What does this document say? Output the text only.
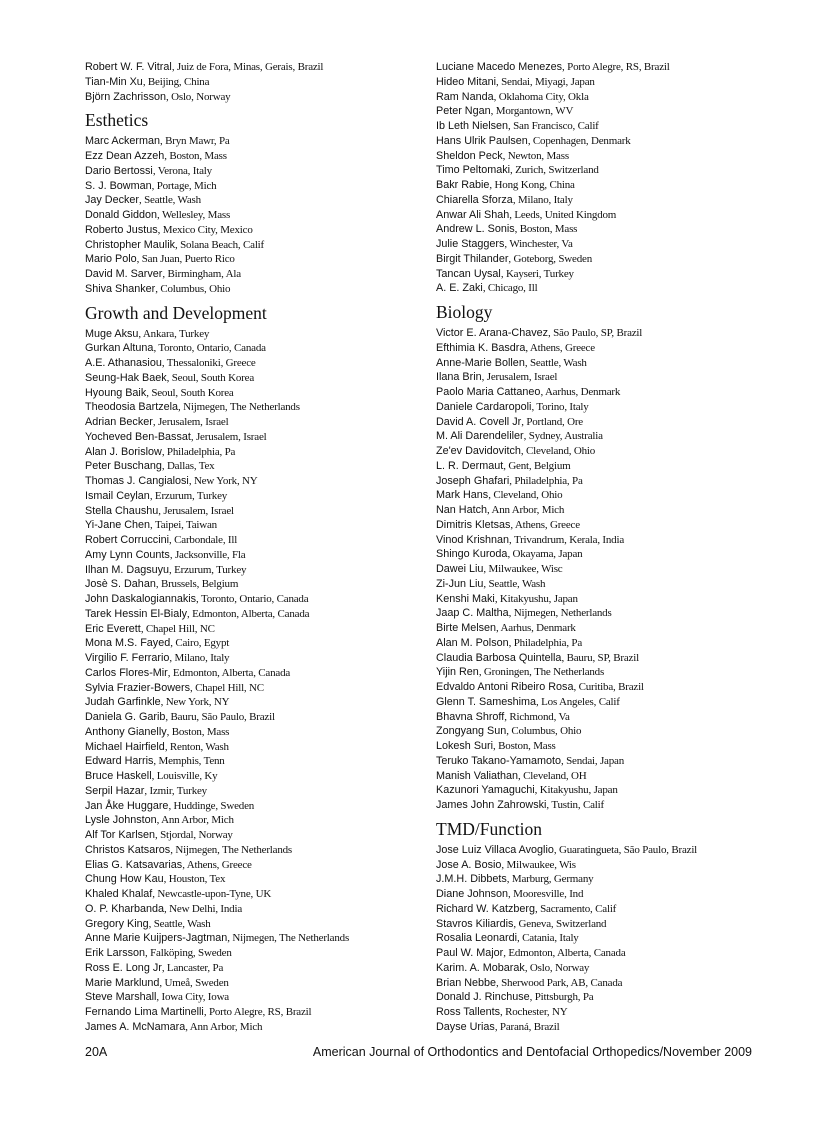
Robert W. F. Vitral, Juiz de Fora, Minas, Gerais, Brazil
Tian-Min Xu, Beijing, China
Björn Zachrisson, Oslo, Norway
Esthetics
Marc Ackerman, Bryn Mawr, Pa
Ezz Dean Azzeh, Boston, Mass
Dario Bertossi, Verona, Italy
S. J. Bowman, Portage, Mich
Jay Decker, Seattle, Wash
Donald Giddon, Wellesley, Mass
Roberto Justus, Mexico City, Mexico
Christopher Maulik, Solana Beach, Calif
Mario Polo, San Juan, Puerto Rico
David M. Sarver, Birmingham, Ala
Shiva Shanker, Columbus, Ohio
Growth and Development
Muge Aksu, Ankara, Turkey
Gurkan Altuna, Toronto, Ontario, Canada
A.E. Athanasiou, Thessaloniki, Greece
Seung-Hak Baek, Seoul, South Korea
Hyoung Baik, Seoul, South Korea
Theodosia Bartzela, Nijmegen, The Netherlands
Adrian Becker, Jerusalem, Israel
Yocheved Ben-Bassat, Jerusalem, Israel
Alan J. Borislow, Philadelphia, Pa
Peter Buschang, Dallas, Tex
Thomas J. Cangialosi, New York, NY
Ismail Ceylan, Erzurum, Turkey
Stella Chaushu, Jerusalem, Israel
Yi-Jane Chen, Taipei, Taiwan
Robert Corruccini, Carbondale, Ill
Amy Lynn Counts, Jacksonville, Fla
Ilhan M. Dagsuyu, Erzurum, Turkey
Josè S. Dahan, Brussels, Belgium
John Daskalogiannakis, Toronto, Ontario, Canada
Tarek Hessin El-Bialy, Edmonton, Alberta, Canada
Eric Everett, Chapel Hill, NC
Mona M.S. Fayed, Cairo, Egypt
Virgilio F. Ferrario, Milano, Italy
Carlos Flores-Mir, Edmonton, Alberta, Canada
Sylvia Frazier-Bowers, Chapel Hill, NC
Judah Garfinkle, New York, NY
Daniela G. Garib, Bauru, São Paulo, Brazil
Anthony Gianelly, Boston, Mass
Michael Hairfield, Renton, Wash
Edward Harris, Memphis, Tenn
Bruce Haskell, Louisville, Ky
Serpil Hazar, Izmir, Turkey
Jan Åke Huggare, Huddinge, Sweden
Lysle Johnston, Ann Arbor, Mich
Alf Tor Karlsen, Stjordal, Norway
Christos Katsaros, Nijmegen, The Netherlands
Elias G. Katsavarias, Athens, Greece
Chung How Kau, Houston, Tex
Khaled Khalaf, Newcastle-upon-Tyne, UK
O. P. Kharbanda, New Delhi, India
Gregory King, Seattle, Wash
Anne Marie Kuijpers-Jagtman, Nijmegen, The Netherlands
Erik Larsson, Falköping, Sweden
Ross E. Long Jr, Lancaster, Pa
Marie Marklund, Umeå, Sweden
Steve Marshall, Iowa City, Iowa
Fernando Lima Martinelli, Porto Alegre, RS, Brazil
James A. McNamara, Ann Arbor, Mich
Luciane Macedo Menezes, Porto Alegre, RS, Brazil
Hideo Mitani, Sendai, Miyagi, Japan
Ram Nanda, Oklahoma City, Okla
Peter Ngan, Morgantown, WV
Ib Leth Nielsen, San Francisco, Calif
Hans Ulrik Paulsen, Copenhagen, Denmark
Sheldon Peck, Newton, Mass
Timo Peltomaki, Zurich, Switzerland
Bakr Rabie, Hong Kong, China
Chiarella Sforza, Milano, Italy
Anwar Ali Shah, Leeds, United Kingdom
Andrew L. Sonis, Boston, Mass
Julie Staggers, Winchester, Va
Birgit Thilander, Goteborg, Sweden
Tancan Uysal, Kayseri, Turkey
A. E. Zaki, Chicago, Ill
Biology
Victor E. Arana-Chavez, São Paulo, SP, Brazil
Efthimia K. Basdra, Athens, Greece
Anne-Marie Bollen, Seattle, Wash
Ilana Brin, Jerusalem, Israel
Paolo Maria Cattaneo, Aarhus, Denmark
Daniele Cardaropoli, Torino, Italy
David A. Covell Jr, Portland, Ore
M. Ali Darendeliler, Sydney, Australia
Ze'ev Davidovitch, Cleveland, Ohio
L. R. Dermaut, Gent, Belgium
Joseph Ghafari, Philadelphia, Pa
Mark Hans, Cleveland, Ohio
Nan Hatch, Ann Arbor, Mich
Dimitris Kletsas, Athens, Greece
Vinod Krishnan, Trivandrum, Kerala, India
Shingo Kuroda, Okayama, Japan
Dawei Liu, Milwaukee, Wisc
Zi-Jun Liu, Seattle, Wash
Kenshi Maki, Kitakyushu, Japan
Jaap C. Maltha, Nijmegen, Netherlands
Birte Melsen, Aarhus, Denmark
Alan M. Polson, Philadelphia, Pa
Claudia Barbosa Quintella, Bauru, SP, Brazil
Yijin Ren, Groningen, The Netherlands
Edvaldo Antoni Ribeiro Rosa, Curitiba, Brazil
Glenn T. Sameshima, Los Angeles, Calif
Bhavna Shroff, Richmond, Va
Zongyang Sun, Columbus, Ohio
Lokesh Suri, Boston, Mass
Teruko Takano-Yamamoto, Sendai, Japan
Manish Valiathan, Cleveland, OH
Kazunori Yamaguchi, Kitakyushu, Japan
James John Zahrowski, Tustin, Calif
TMD/Function
Jose Luiz Villaca Avoglio, Guaratingueta, São Paulo, Brazil
Jose A. Bosio, Milwaukee, Wis
J.M.H. Dibbets, Marburg, Germany
Diane Johnson, Mooresville, Ind
Richard W. Katzberg, Sacramento, Calif
Stavros Kiliardis, Geneva, Switzerland
Rosalia Leonardi, Catania, Italy
Paul W. Major, Edmonton, Alberta, Canada
Karim. A. Mobarak, Oslo, Norway
Brian Nebbe, Sherwood Park, AB, Canada
Donald J. Rinchuse, Pittsburgh, Pa
Ross Tallents, Rochester, NY
Dayse Urias, Paraná, Brazil
20A	American Journal of Orthodontics and Dentofacial Orthopedics/November 2009
